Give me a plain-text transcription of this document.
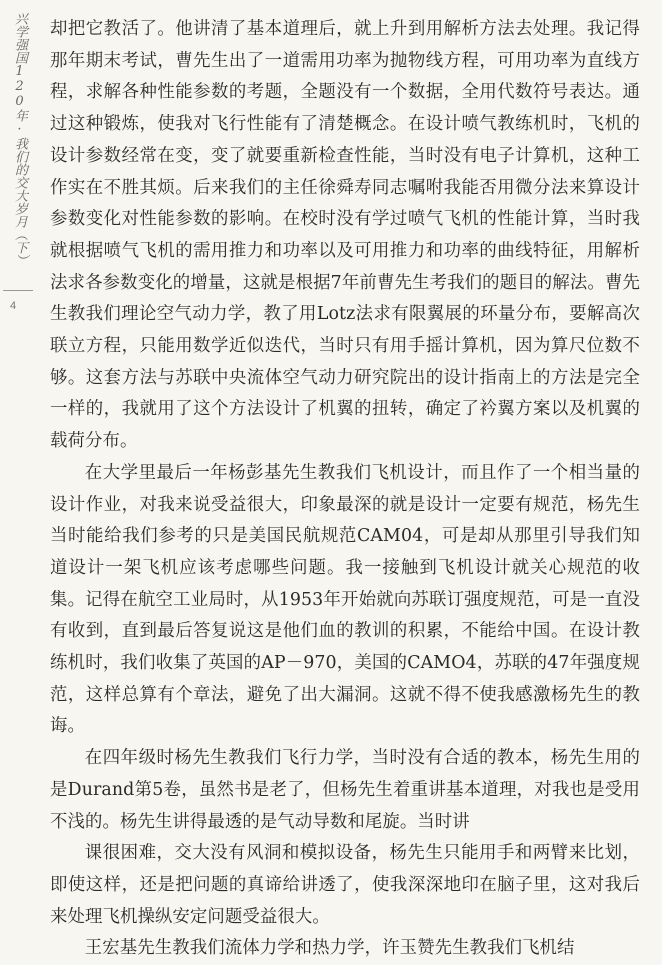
兴学强国120年·我们的交大岁月（下）
4

却把它教活了。他讲清了基本道理后，就上升到用解析方法去处理。我记得那年期末考试，曹先生出了一道需用功率为抛物线方程，可用功率为直线方程，求解各种性能参数的考题，全题没有一个数据，全用代数符号表达。通过这种锻炼，使我对飞行性能有了清楚概念。在设计喷气教练机时，飞机的设计参数经常在变，变了就要重新检查性能，当时没有电子计算机，这种工作实在不胜其烦。后来我们的主任徐舜寿同志嘱咐我能否用微分法来算设计参数变化对性能参数的影响。在校时没有学过喷气飞机的性能计算，当时我就根据喷气飞机的需用推力和功率以及可用推力和功率的曲线特征，用解析法求各参数变化的增量，这就是根据7年前曹先生考我们的题目的解法。曹先生教我们理论空气动力学，教了用Lotz法求有限翼展的环量分布，要解高次联立方程，只能用数学近似迭代，当时只有用手摇计算机，因为算尺位数不够。这套方法与苏联中央流体空气动力研究院出的设计指南上的方法是完全一样的，我就用了这个方法设计了机翼的扭转，确定了衿翼方案以及机翼的载荷分布。

在大学里最后一年杨彭基先生教我们飞机设计，而且作了一个相当量的设计作业，对我来说受益很大，印象最深的就是设计一定要有规范，杨先生当时能给我们参考的只是美国民航规范CAM04，可是却从那里引导我们知道设计一架飞机应该考虑哪些问题。我一接触到飞机设计就关心规范的收集。记得在航空工业局时，从1953年开始就向苏联订强度规范，可是一直没有收到，直到最后答复说这是他们血的教训的积累，不能给中国。在设计教练机时，我们收集了英国的AP－970，美国的CAMO4，苏联的47年强度规范，这样总算有个章法，避免了出大漏洞。这就不得不使我感激杨先生的教诲。

在四年级时杨先生教我们飞行力学，当时没有合适的教本，杨先生用的是Durand第5卷，虽然书是老了，但杨先生着重讲基本道理，对我也是受用不浅的。杨先生讲得最透的是气动导数和尾旋。当时讲

课很困难，交大没有风洞和模拟设备，杨先生只能用手和两臂来比划，即使这样，还是把问题的真谛给讲透了，使我深深地印在脑子里，这对我后来处理飞机操纵安定问题受益很大。

王宏基先生教我们流体力学和热力学，许玉赞先生教我们飞机结
